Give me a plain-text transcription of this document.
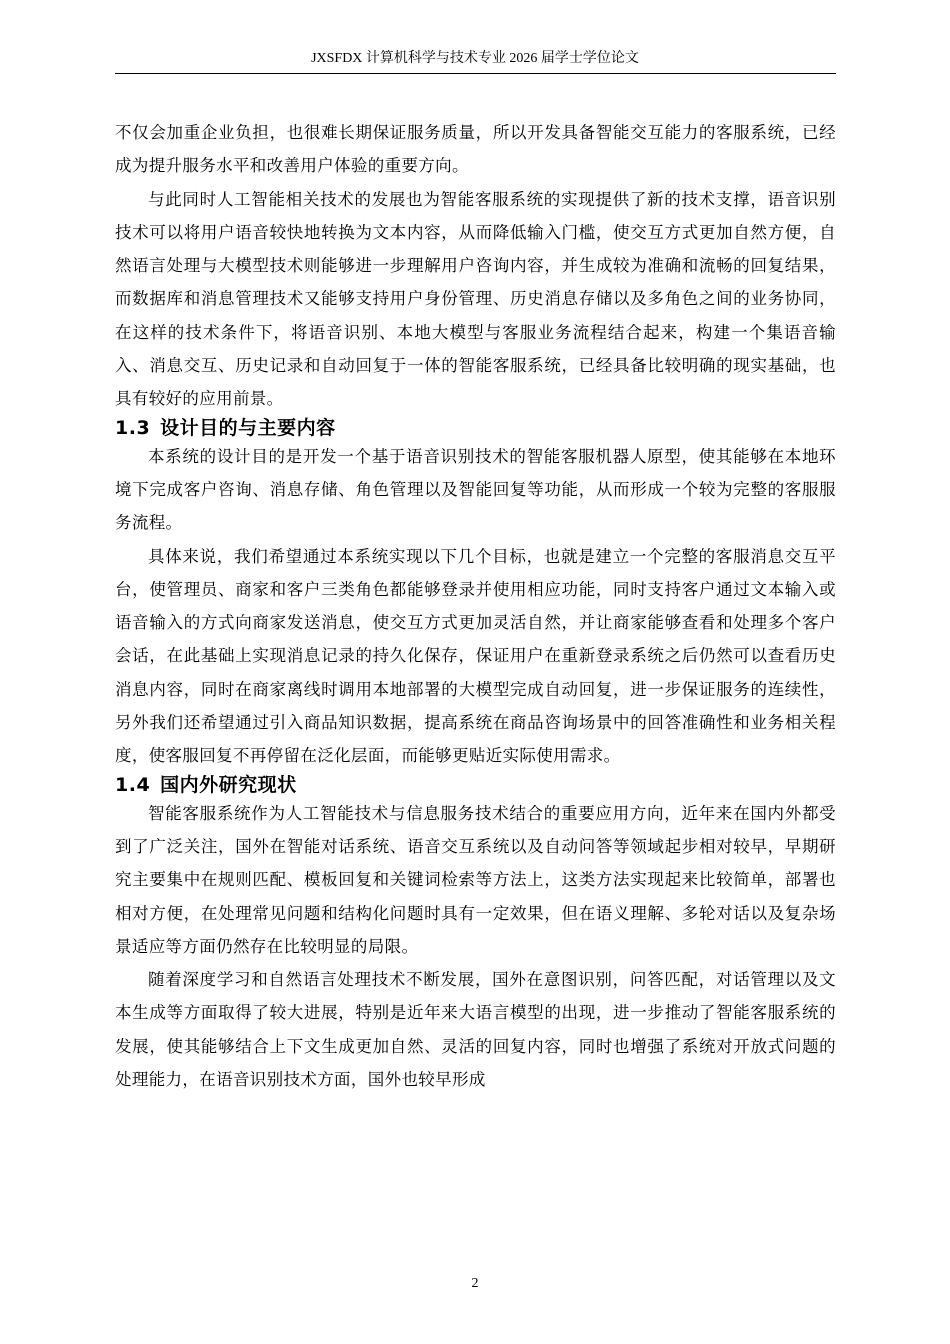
JXSFDX 计算机科学与技术专业 2026 届学士学位论文

不仅会加重企业负担，也很难长期保证服务质量，所以开发具备智能交互能力的客服系统，已经成为提升服务水平和改善用户体验的重要方向。

与此同时人工智能相关技术的发展也为智能客服系统的实现提供了新的技术支撑，语音识别技术可以将用户语音较快地转换为文本内容，从而降低输入门槛，使交互方式更加自然方便，自然语言处理与大模型技术则能够进一步理解用户咨询内容，并生成较为准确和流畅的回复结果，而数据库和消息管理技术又能够支持用户身份管理、历史消息存储以及多角色之间的业务协同，在这样的技术条件下，将语音识别、本地大模型与客服业务流程结合起来，构建一个集语音输入、消息交互、历史记录和自动回复于一体的智能客服系统，已经具备比较明确的现实基础，也具有较好的应用前景。

1.3 设计目的与主要内容

本系统的设计目的是开发一个基于语音识别技术的智能客服机器人原型，使其能够在本地环境下完成客户咨询、消息存储、角色管理以及智能回复等功能，从而形成一个较为完整的客服服务流程。

具体来说，我们希望通过本系统实现以下几个目标，也就是建立一个完整的客服消息交互平台，使管理员、商家和客户三类角色都能够登录并使用相应功能，同时支持客户通过文本输入或语音输入的方式向商家发送消息，使交互方式更加灵活自然，并让商家能够查看和处理多个客户会话，在此基础上实现消息记录的持久化保存，保证用户在重新登录系统之后仍然可以查看历史消息内容，同时在商家离线时调用本地部署的大模型完成自动回复，进一步保证服务的连续性，另外我们还希望通过引入商品知识数据，提高系统在商品咨询场景中的回答准确性和业务相关程度，使客服回复不再停留在泛化层面，而能够更贴近实际使用需求。

1.4 国内外研究现状

智能客服系统作为人工智能技术与信息服务技术结合的重要应用方向，近年来在国内外都受到了广泛关注，国外在智能对话系统、语音交互系统以及自动问答等领域起步相对较早，早期研究主要集中在规则匹配、模板回复和关键词检索等方法上，这类方法实现起来比较简单，部署也相对方便，在处理常见问题和结构化问题时具有一定效果，但在语义理解、多轮对话以及复杂场景适应等方面仍然存在比较明显的局限。

随着深度学习和自然语言处理技术不断发展，国外在意图识别，问答匹配，对话管理以及文本生成等方面取得了较大进展，特别是近年来大语言模型的出现，进一步推动了智能客服系统的发展，使其能够结合上下文生成更加自然、灵活的回复内容，同时也增强了系统对开放式问题的处理能力，在语音识别技术方面，国外也较早形成

2
